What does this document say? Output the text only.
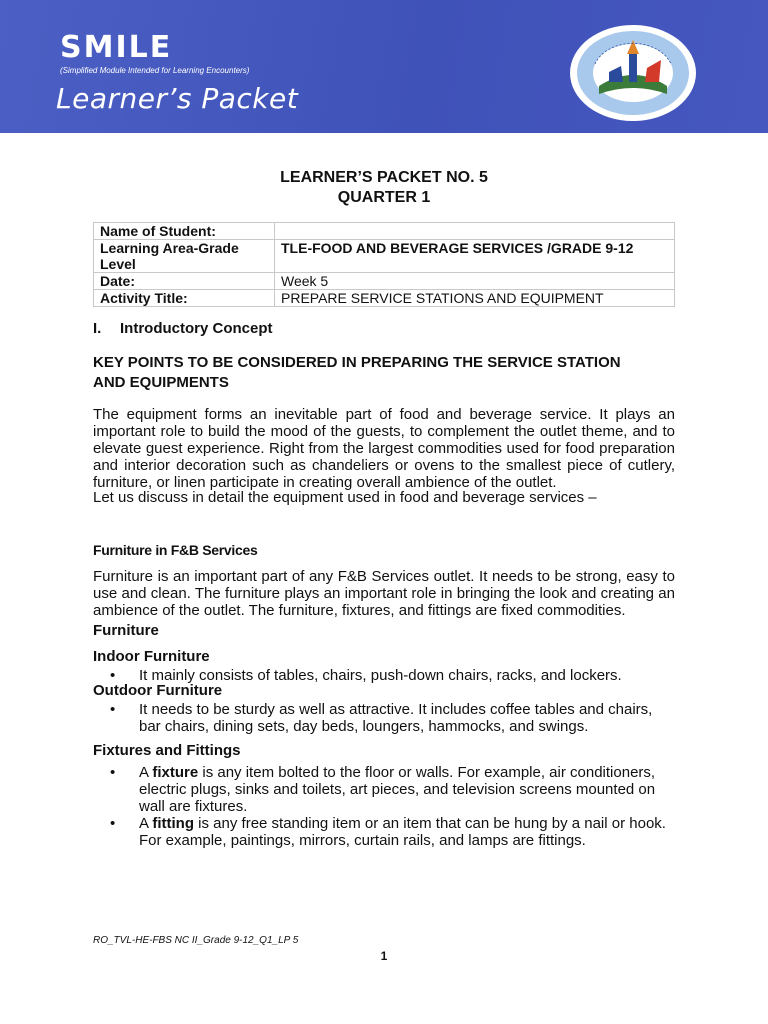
SMILE
(Simplified Module Intended for Learning Encounters)
Learner’s Packet
LEARNER’S PACKET NO. 5
QUARTER 1
Name of Student:	
Learning Area-Grade Level	TLE-FOOD AND BEVERAGE SERVICES /GRADE 9-12
Date:	Week 5
Activity Title:	PREPARE SERVICE STATIONS AND EQUIPMENT
I. Introductory Concept
KEY POINTS TO BE CONSIDERED IN PREPARING THE SERVICE STATION
AND EQUIPMENTS
The equipment forms an inevitable part of food and beverage service. It plays an important role to build the mood of the guests, to complement the outlet theme, and to elevate guest experience. Right from the largest commodities used for food preparation and interior decoration such as chandeliers or ovens to the smallest piece of cutlery, furniture, or linen participate in creating overall ambience of the outlet.
Let us discuss in detail the equipment used in food and beverage services –
Furniture in F&B Services
Furniture is an important part of any F&B Services outlet. It needs to be strong, easy to use and clean. The furniture plays an important role in bringing the look and creating an ambience of the outlet. The furniture, fixtures, and fittings are fixed commodities.
Furniture
Indoor Furniture
•	It mainly consists of tables, chairs, push-down chairs, racks, and lockers.
Outdoor Furniture
•	It needs to be sturdy as well as attractive. It includes coffee tables and chairs, bar chairs, dining sets, day beds, loungers, hammocks, and swings.
Fixtures and Fittings
•	A fixture is any item bolted to the floor or walls. For example, air conditioners, electric plugs, sinks and toilets, art pieces, and television screens mounted on wall are fixtures.
•	A fitting is any free standing item or an item that can be hung by a nail or hook. For example, paintings, mirrors, curtain rails, and lamps are fittings.
RO_TVL-HE-FBS NC II_Grade 9-12_Q1_LP 5
1
